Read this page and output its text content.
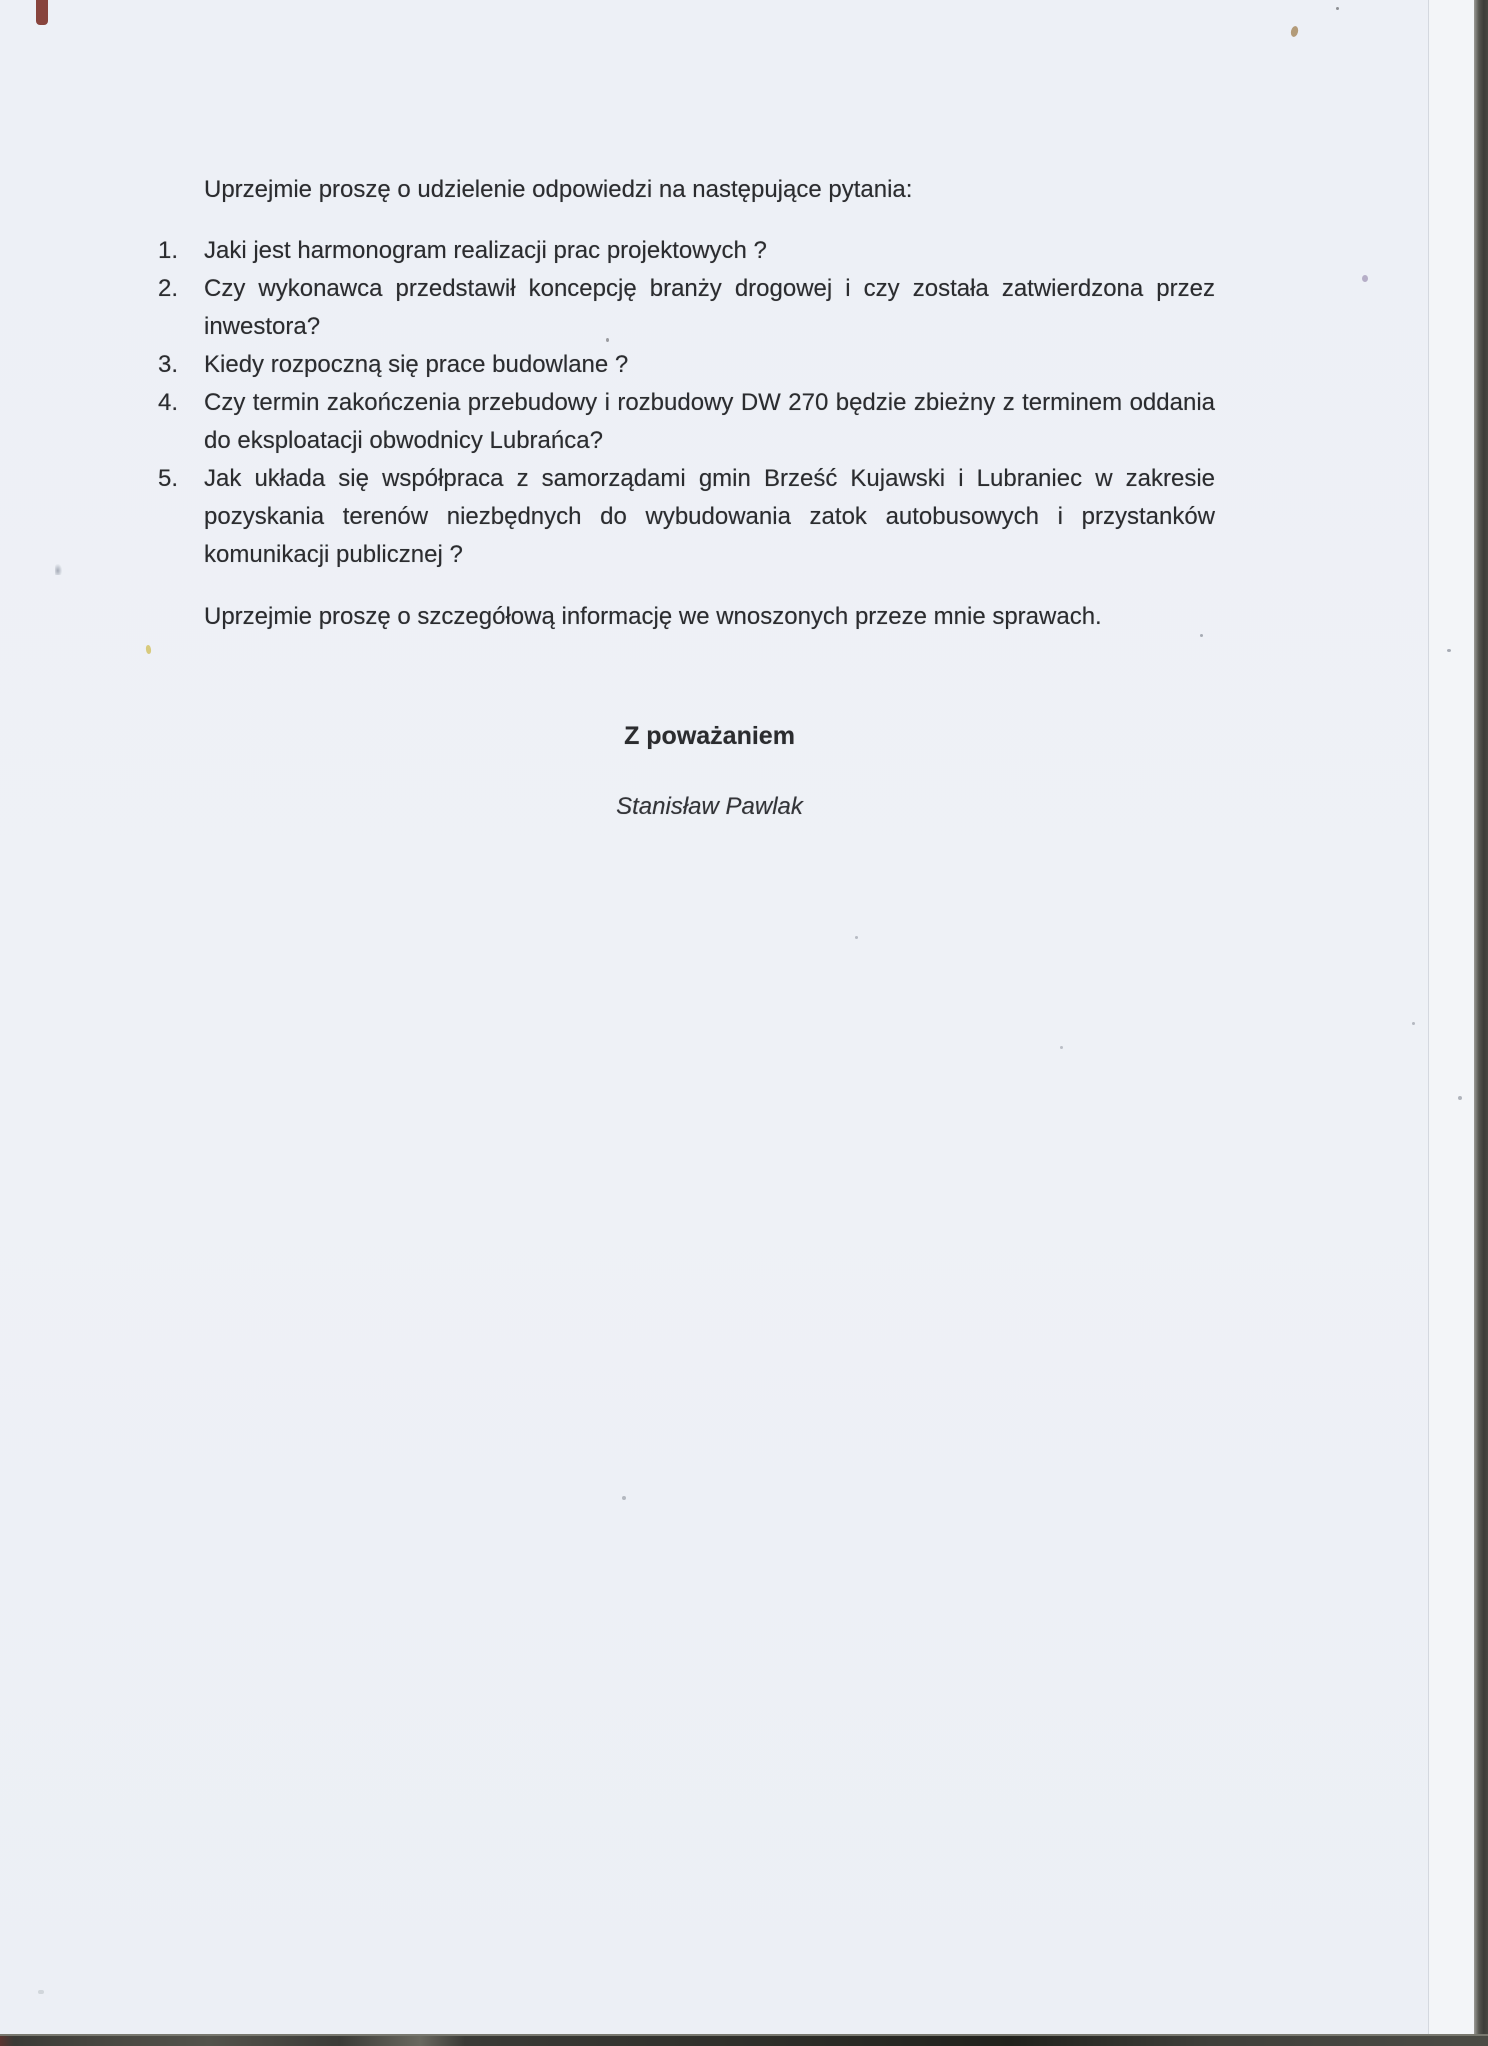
Uprzejmie proszę o udzielenie odpowiedzi na następujące pytania:

1.	Jaki jest harmonogram realizacji prac projektowych ?
2.	Czy wykonawca przedstawił koncepcję branży drogowej i czy została zatwierdzona przez inwestora?
3.	Kiedy rozpoczną się prace budowlane ?
4.	Czy termin zakończenia przebudowy i rozbudowy DW 270 będzie zbieżny z terminem oddania do eksploatacji obwodnicy Lubrańca?
5.	Jak układa się współpraca z samorządami gmin Brześć Kujawski i Lubraniec w zakresie pozyskania terenów niezbędnych do wybudowania zatok autobusowych i przystanków komunikacji publicznej ?

Uprzejmie proszę o szczegółową informację we wnoszonych przeze mnie sprawach.

Z poważaniem
Stanisław Pawlak
